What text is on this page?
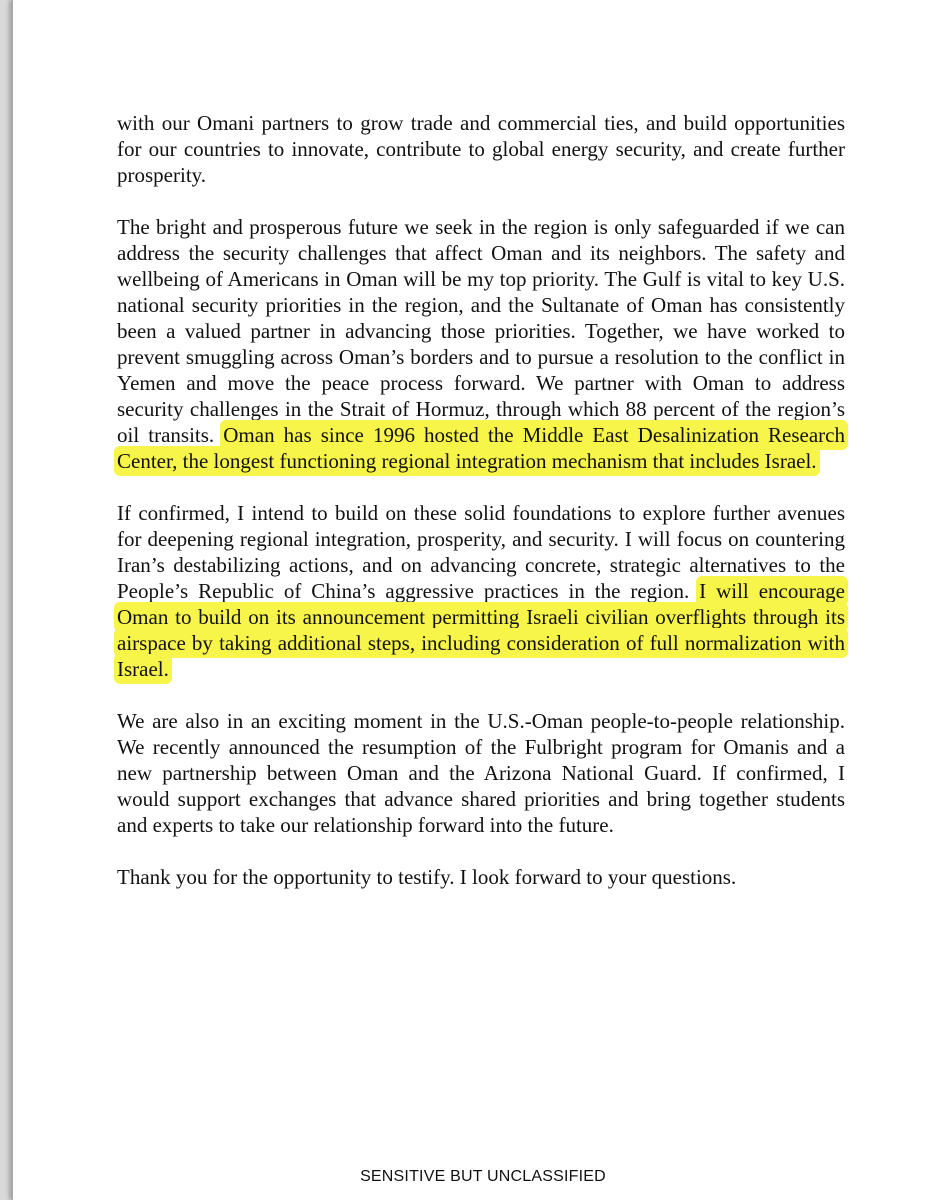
with our Omani partners to grow trade and commercial ties, and build opportunities for our countries to innovate, contribute to global energy security, and create further prosperity.

The bright and prosperous future we seek in the region is only safeguarded if we can address the security challenges that affect Oman and its neighbors. The safety and wellbeing of Americans in Oman will be my top priority. The Gulf is vital to key U.S. national security priorities in the region, and the Sultanate of Oman has consistently been a valued partner in advancing those priorities. Together, we have worked to prevent smuggling across Oman’s borders and to pursue a resolution to the conflict in Yemen and move the peace process forward. We partner with Oman to address security challenges in the Strait of Hormuz, through which 88 percent of the region’s oil transits. Oman has since 1996 hosted the Middle East Desalinization Research Center, the longest functioning regional integration mechanism that includes Israel.

If confirmed, I intend to build on these solid foundations to explore further avenues for deepening regional integration, prosperity, and security. I will focus on countering Iran’s destabilizing actions, and on advancing concrete, strategic alternatives to the People’s Republic of China’s aggressive practices in the region. I will encourage Oman to build on its announcement permitting Israeli civilian overflights through its airspace by taking additional steps, including consideration of full normalization with Israel.

We are also in an exciting moment in the U.S.-Oman people-to-people relationship. We recently announced the resumption of the Fulbright program for Omanis and a new partnership between Oman and the Arizona National Guard. If confirmed, I would support exchanges that advance shared priorities and bring together students and experts to take our relationship forward into the future.

Thank you for the opportunity to testify. I look forward to your questions.

SENSITIVE BUT UNCLASSIFIED
